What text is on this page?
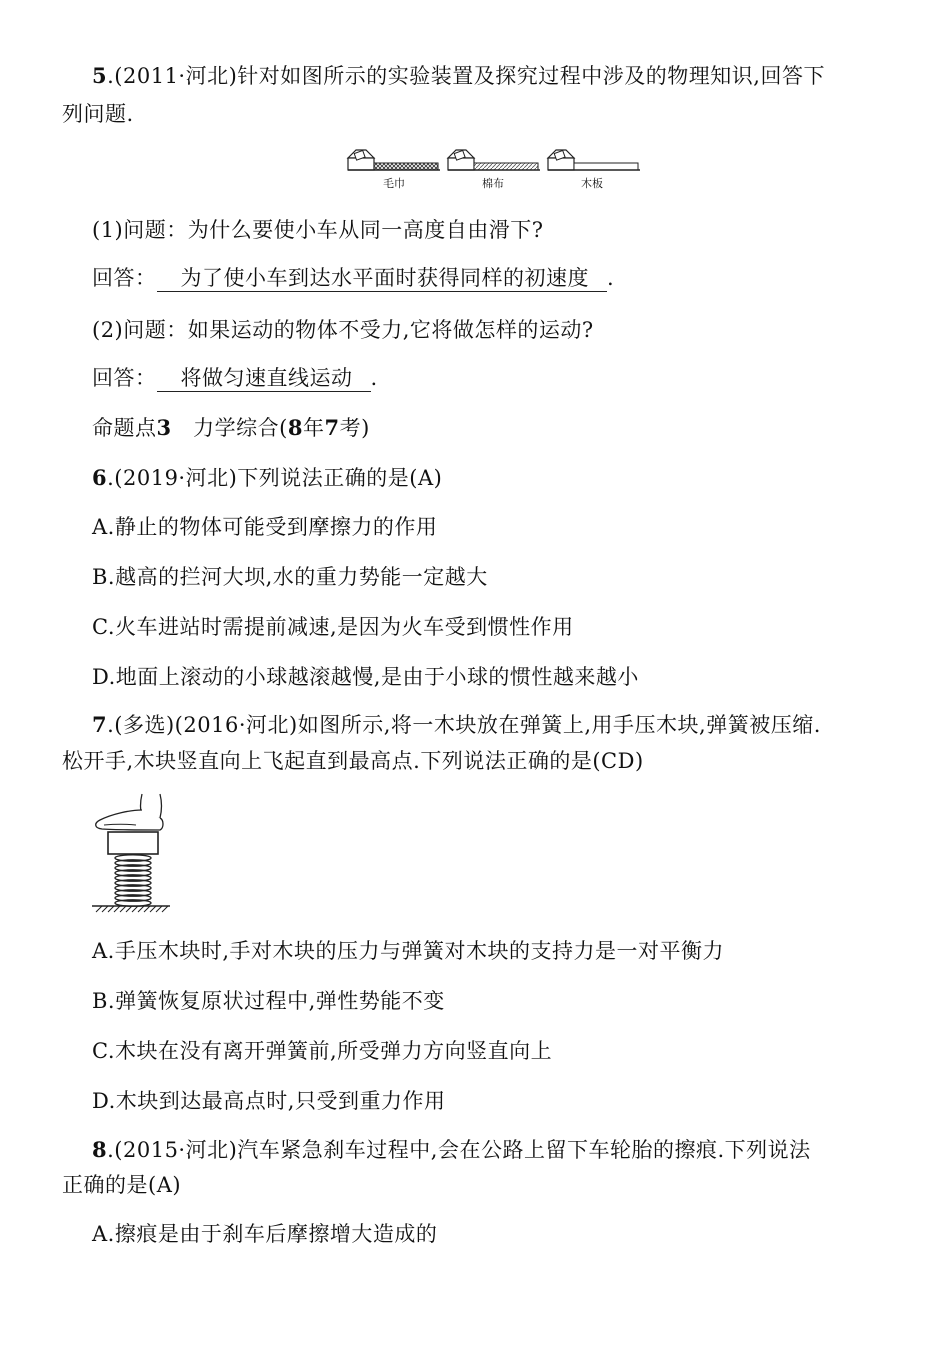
5.(2011·河北)针对如图所示的实验装置及探究过程中涉及的物理知识,回答下
列问题.
毛巾	棉布	木板
(1)问题：为什么要使小车从同一高度自由滑下?
回答： 为了使小车到达水平面时获得同样的初速度 .
(2)问题：如果运动的物体不受力,它将做怎样的运动?
回答： 将做匀速直线运动 .
命题点3 力学综合(8年7考)
6.(2019·河北)下列说法正确的是(A)
A.静止的物体可能受到摩擦力的作用
B.越高的拦河大坝,水的重力势能一定越大
C.火车进站时需提前减速,是因为火车受到惯性作用
D.地面上滚动的小球越滚越慢,是由于小球的惯性越来越小
7.(多选)(2016·河北)如图所示,将一木块放在弹簧上,用手压木块,弹簧被压缩.
松开手,木块竖直向上飞起直到最高点.下列说法正确的是(CD)
A.手压木块时,手对木块的压力与弹簧对木块的支持力是一对平衡力
B.弹簧恢复原状过程中,弹性势能不变
C.木块在没有离开弹簧前,所受弹力方向竖直向上
D.木块到达最高点时,只受到重力作用
8.(2015·河北)汽车紧急刹车过程中,会在公路上留下车轮胎的擦痕.下列说法
正确的是(A)
A.擦痕是由于刹车后摩擦增大造成的
